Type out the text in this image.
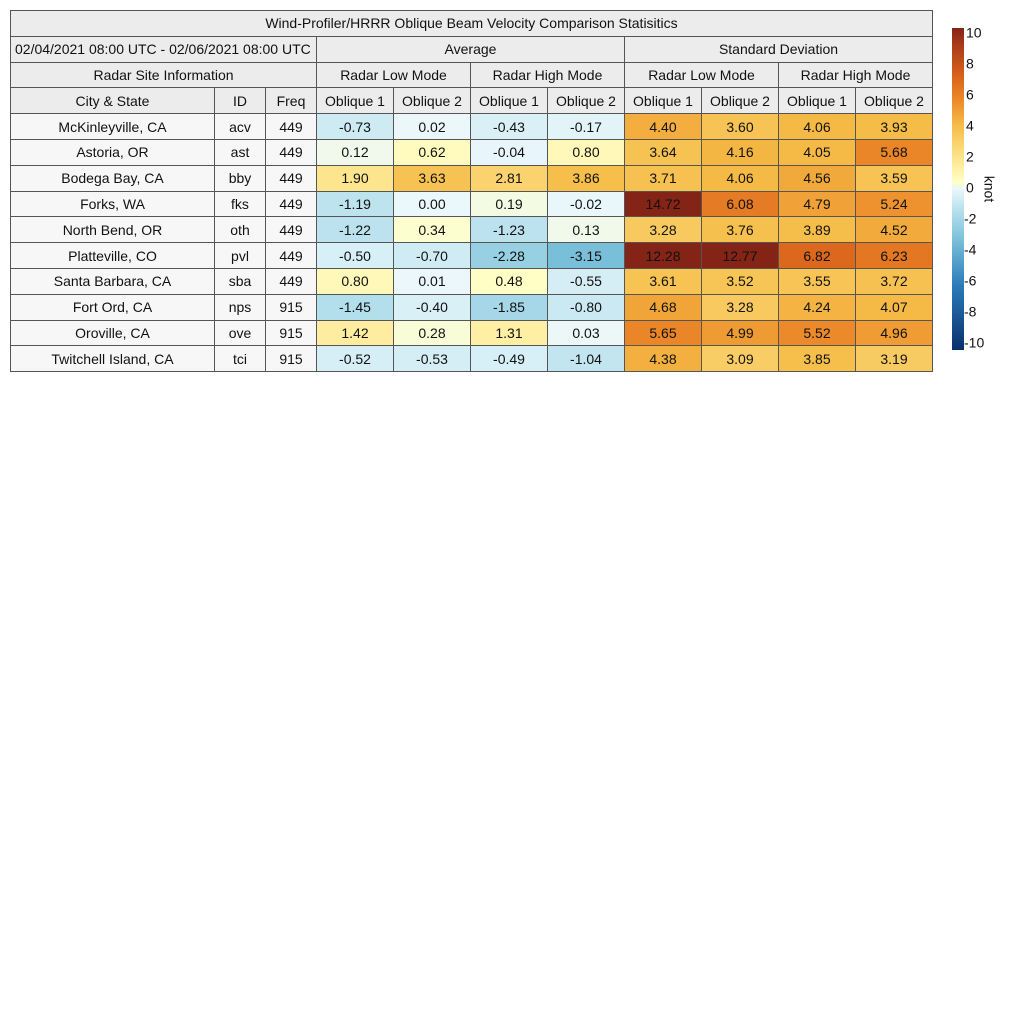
Wind-Profiler/HRRR Oblique Beam Velocity Comparison Statisitics										
02/04/2021 08:00 UTC - 02/06/2021 08:00 UTC			Average				Standard Deviation			
Radar Site Information			Radar Low Mode		Radar High Mode		Radar Low Mode		Radar High Mode	
City & State	ID	Freq	Oblique 1	Oblique 2	Oblique 1	Oblique 2	Oblique 1	Oblique 2	Oblique 1	Oblique 2
McKinleyville, CA	acv	449	-0.73	0.02	-0.43	-0.17	4.40	3.60	4.06	3.93
Astoria, OR	ast	449	0.12	0.62	-0.04	0.80	3.64	4.16	4.05	5.68
Bodega Bay, CA	bby	449	1.90	3.63	2.81	3.86	3.71	4.06	4.56	3.59
Forks, WA	fks	449	-1.19	0.00	0.19	-0.02	14.72	6.08	4.79	5.24
North Bend, OR	oth	449	-1.22	0.34	-1.23	0.13	3.28	3.76	3.89	4.52
Platteville, CO	pvl	449	-0.50	-0.70	-2.28	-3.15	12.28	12.77	6.82	6.23
Santa Barbara, CA	sba	449	0.80	0.01	0.48	-0.55	3.61	3.52	3.55	3.72
Fort Ord, CA	nps	915	-1.45	-0.40	-1.85	-0.80	4.68	3.28	4.24	4.07
Oroville, CA	ove	915	1.42	0.28	1.31	0.03	5.65	4.99	5.52	4.96
Twitchell Island, CA	tci	915	-0.52	-0.53	-0.49	-1.04	4.38	3.09	3.85	3.19
10
8
6
4
2
0
-2
-4
-6
-8
-10
knot
